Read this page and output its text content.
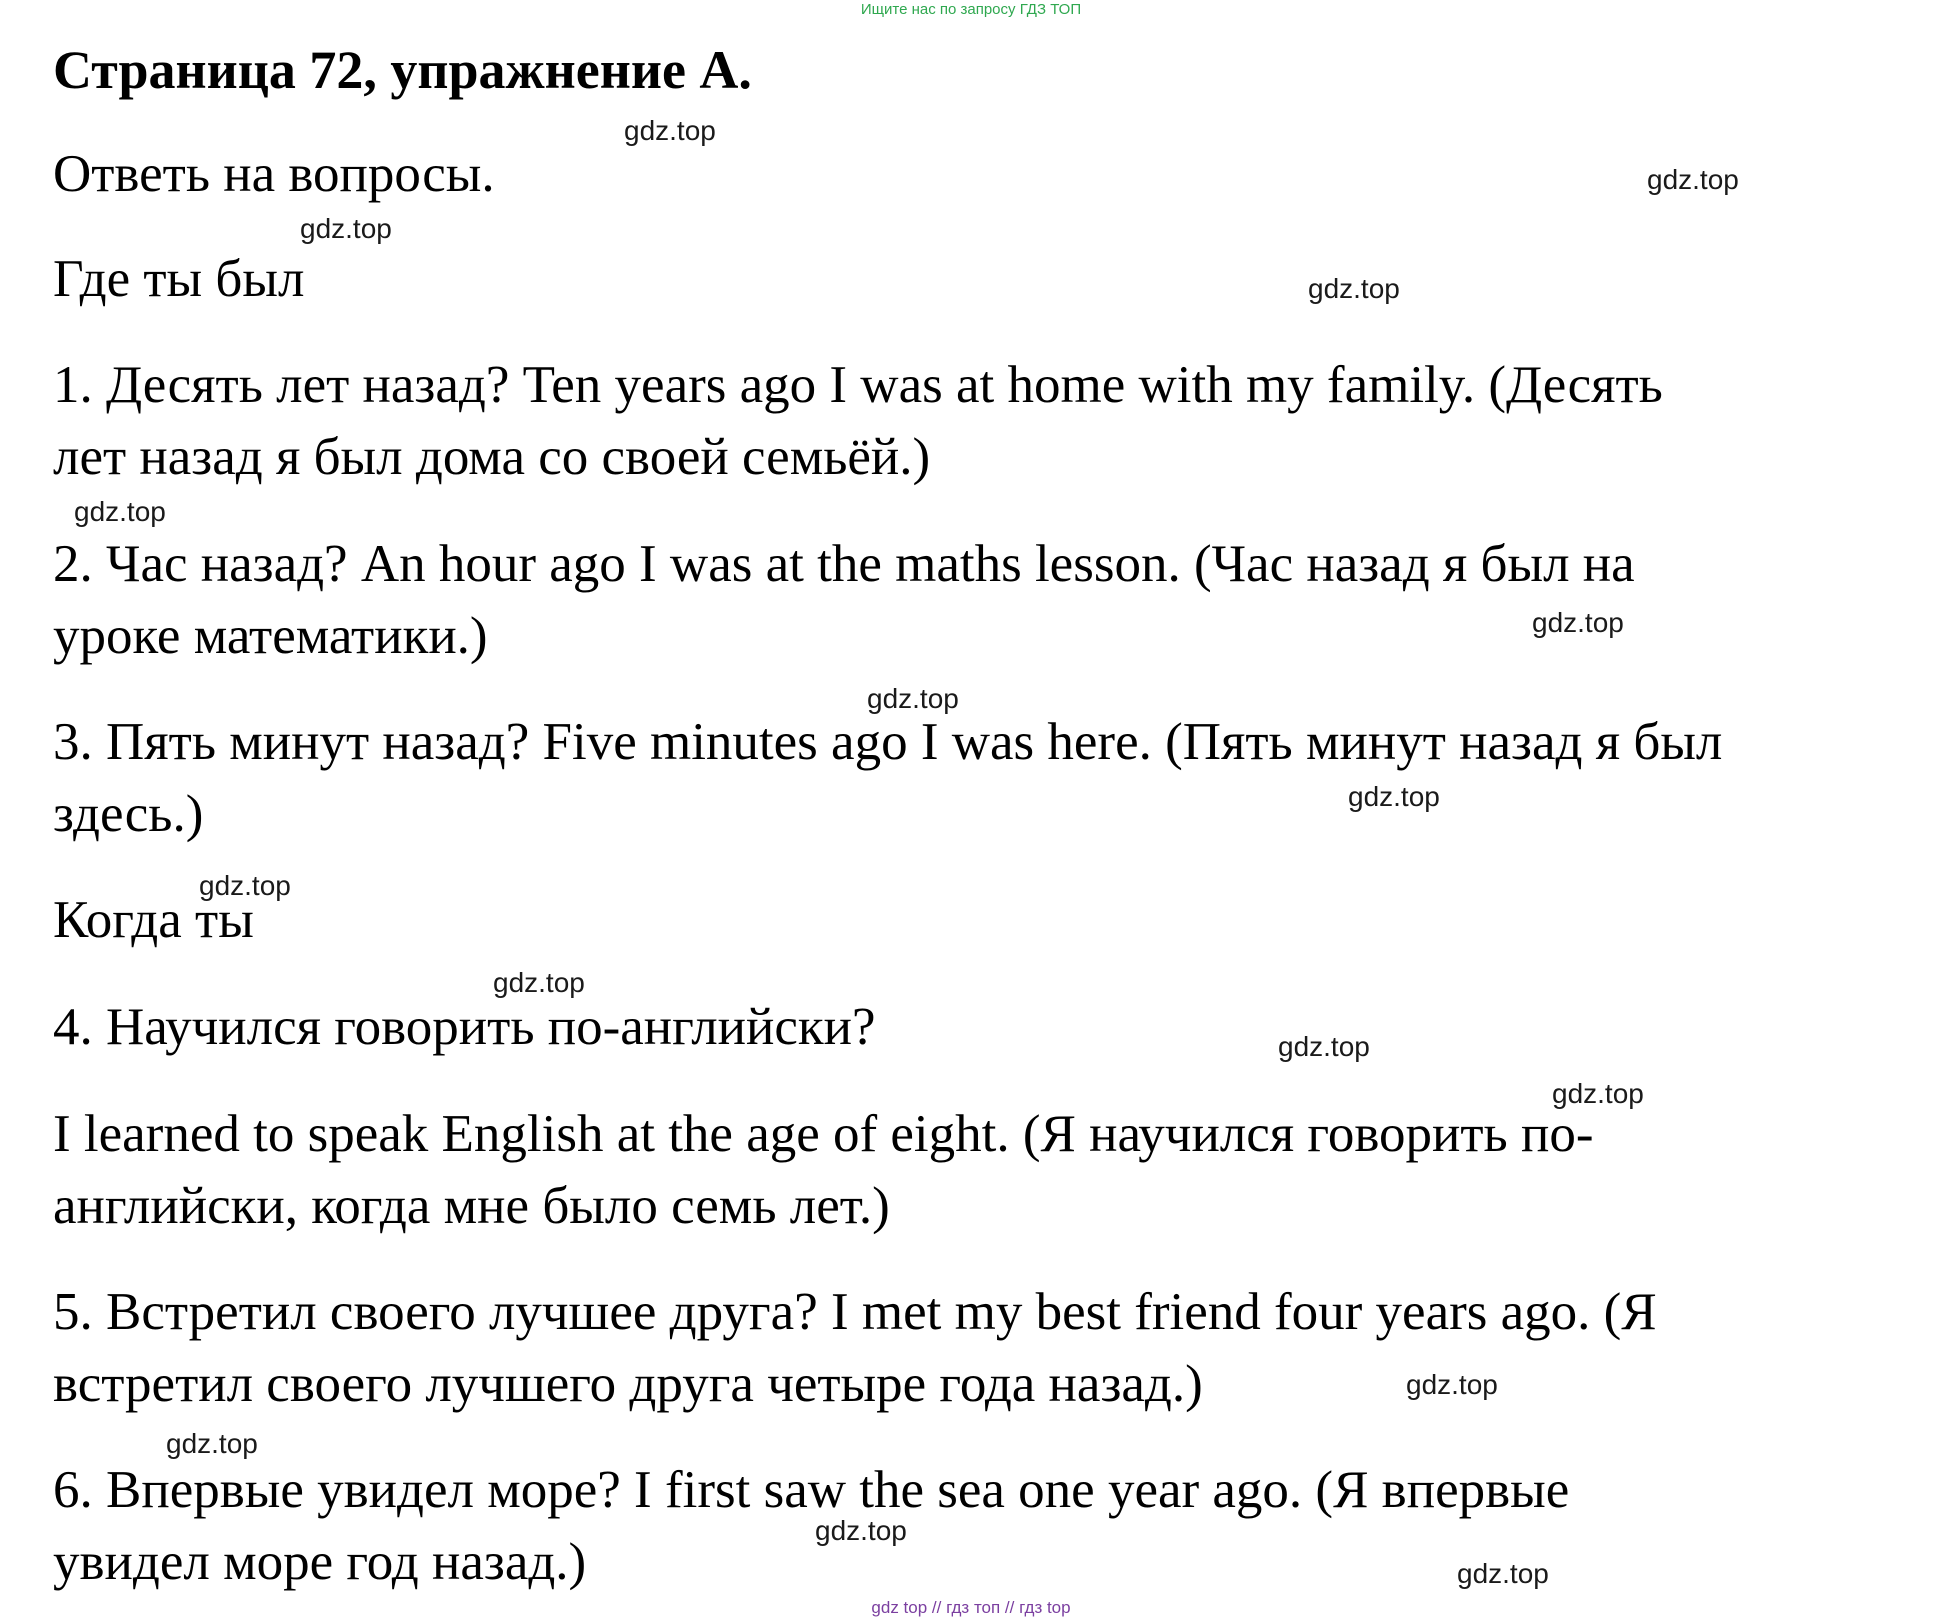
Ищите нас по запросу ГДЗ ТОП
Страница 72, упражнение А.
Ответь на вопросы.
Где ты был
1. Десять лет назад? Ten years ago I was at home with my family. (Десять
лет назад я был дома со своей семьёй.)
2. Час назад? An hour ago I was at the maths lesson. (Час назад я был на
уроке математики.)
3. Пять минут назад? Five minutes ago I was here. (Пять минут назад я был
здесь.)
Когда ты
4. Научился говорить по-английски?
I learned to speak English at the age of eight. (Я научился говорить по-
английски, когда мне было семь лет.)
5. Встретил своего лучшее друга? I met my best friend four years ago. (Я
встретил своего лучшего друга четыре года назад.)
6. Впервые увидел море? I first saw the sea one year ago. (Я впервые
увидел море год назад.)
gdz.top
gdz.top
gdz.top
gdz.top
gdz.top
gdz.top
gdz.top
gdz.top
gdz.top
gdz.top
gdz.top
gdz.top
gdz.top
gdz.top
gdz.top
gdz.top
gdz top // гдз топ // гдз top
